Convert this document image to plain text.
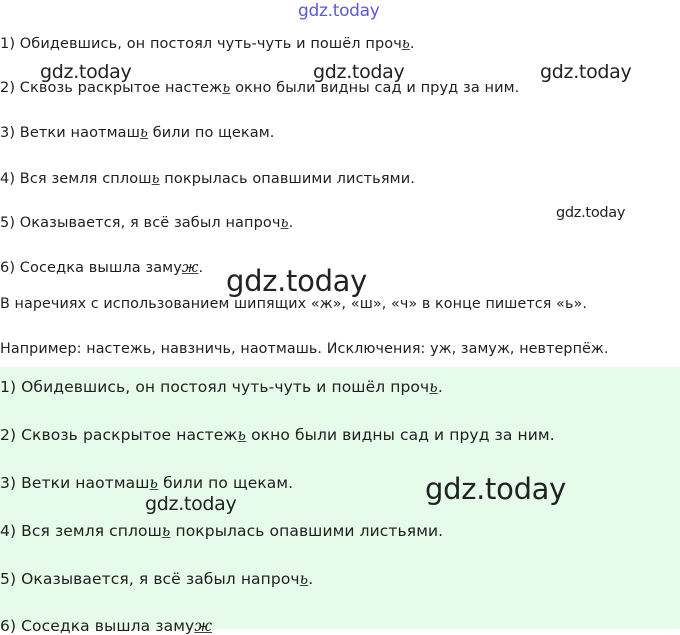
gdz.today
1) Обидевшись, он постоял чуть-чуть и пошёл прочь.
gdz.today	gdz.today	gdz.today
2) Сквозь раскрытое настежь окно были видны сад и пруд за ним.
3) Ветки наотмашь били по щекам.
4) Вся земля сплошь покрылась опавшими листьями.
gdz.today
5) Оказывается, я всё забыл напрочь.
6) Соседка вышла замуж. gdz.today
В наречиях с использованием шипящих «ж», «ш», «ч» в конце пишется «ь».
Например: настежь, навзничь, наотмашь. Исключения: уж, замуж, невтерпёж.
1) Обидевшись, он постоял чуть-чуть и пошёл прочь.
2) Сквозь раскрытое настежь окно были видны сад и пруд за ним.
3) Ветки наотмашь били по щекам.	gdz.today
gdz.today
4) Вся земля сплошь покрылась опавшими листьями.
5) Оказывается, я всё забыл напрочь.
6) Соседка вышла замуж
